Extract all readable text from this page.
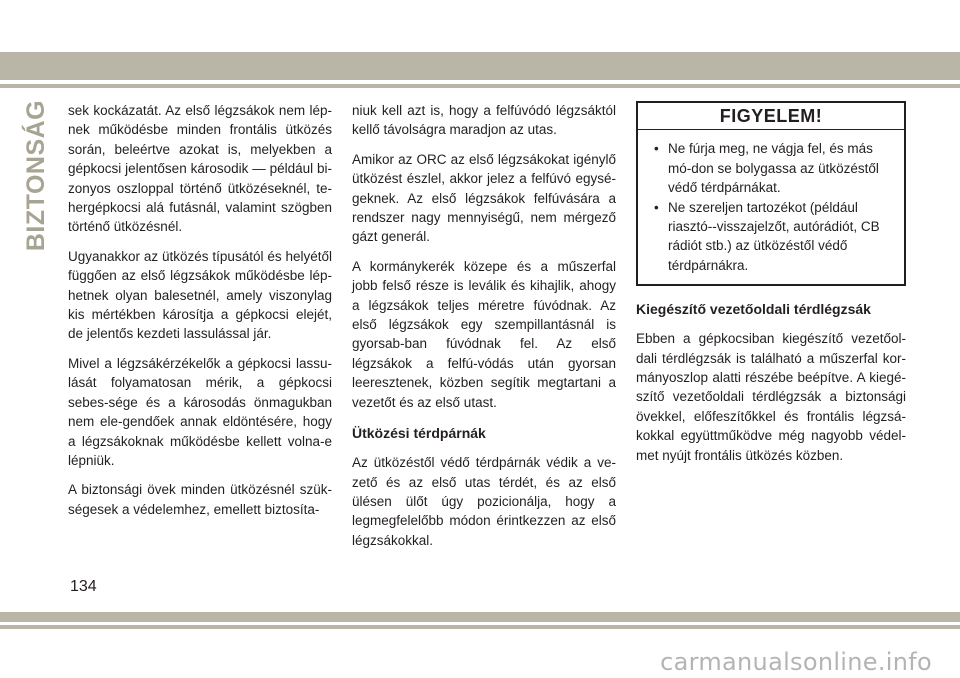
BIZTONSÁG sek kockázatát. Az első légzsákok nem lép-nek működésbe minden frontális ütközés során, beleértve azokat is, melyekben a gépkocsi jelentősen károsodik — például bi-zonyos oszloppal történő ütközéseknél, te-hergépkocsi alá futásnál, valamint szögben történő ütközésnél.

Ugyanakkor az ütközés típusától és helyétől függően az első légzsákok működésbe lép-hetnek olyan balesetnél, amely viszonylag kis mértékben károsítja a gépkocsi elejét, de jelentős kezdeti lassulással jár.

Mivel a légzsákérzékelők a gépkocsi lassu-lását folyamatosan mérik, a gépkocsi sebes-sége és a károsodás önmagukban nem ele-gendőek annak eldöntésére, hogy a légzsákoknak működésbe kellett volna-e lépniük.

A biztonsági övek minden ütközésnél szük-ségesek a védelemhez, emellett biztosíta-

niuk kell azt is, hogy a felfúvódó légzsáktól kellő távolságra maradjon az utas.

Amikor az ORC az első légzsákokat igénylő ütközést észlel, akkor jelez a felfúvó egysé-geknek. Az első légzsákok felfúvására a rendszer nagy mennyiségű, nem mérgező gázt generál.

A kormánykerék közepe és a műszerfal jobb felső része is leválik és kihajlik, ahogy a légzsákok teljes méretre fúvódnak. Az első légzsákok egy szempillantásnál is gyorsab-ban fúvódnak fel. Az első légzsákok a felfú-vódás után gyorsan leeresztenek, közben segítik megtartani a vezetőt és az első utast.

Ütközési térdpárnák

Az ütközéstől védő térdpárnák védik a ve-zető és az első utas térdét, és az első ülésen ülőt úgy pozicionálja, hogy a legmegfelelőbb módon érintkezzen az első légzsákokkal.

FIGYELEM!
• Ne fúrja meg, ne vágja fel, és más mó-don se bolygassa az ütközéstől védő térdpárnákat.
• Ne szereljen tartozékot (például riasztó--visszajelzőt, autórádiót, CB rádiót stb.) az ütközéstől védő térdpárnákra.
Kiegészítő vezetőoldali térdlégzsák

Ebben a gépkocsiban kiegészítő vezetőol-dali térdlégzsák is található a műszerfal kor-mányoszlop alatti részébe beépítve. A kiegé-szítő vezetőoldali térdlégzsák a biztonsági övekkel, előfeszítőkkel és frontális légzsá-kokkal együttműködve még nagyobb védel-met nyújt frontális ütközés közben.

134
carmanualsonline.info
